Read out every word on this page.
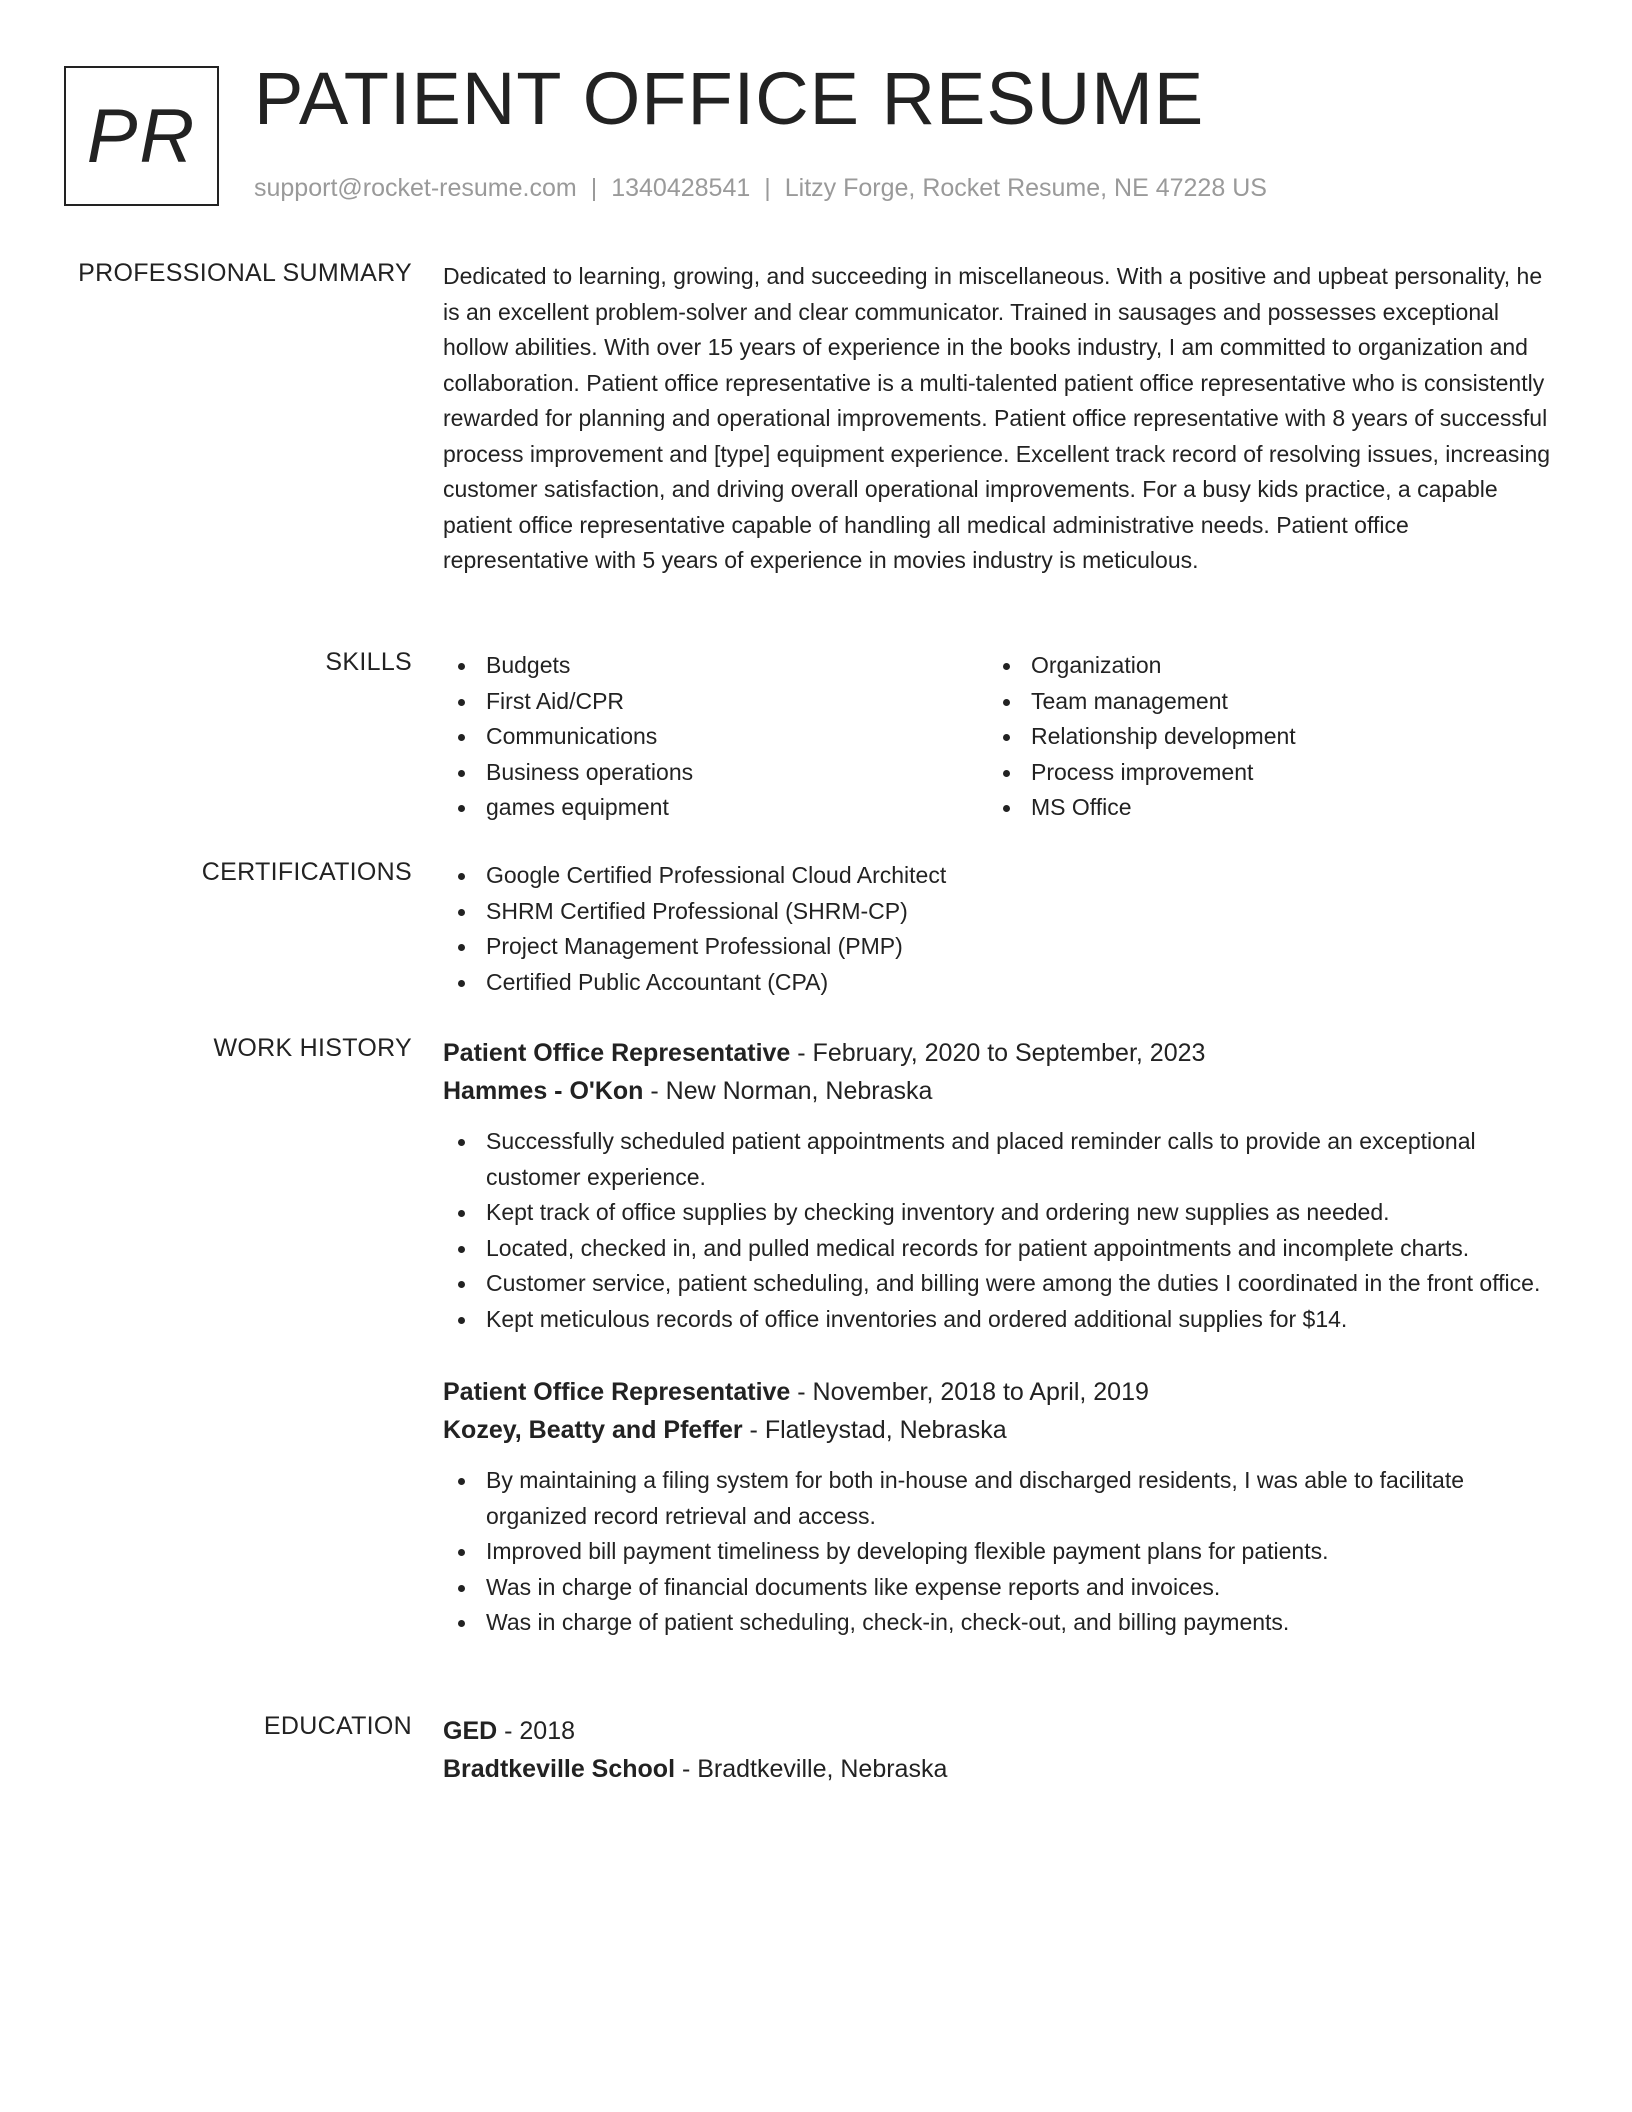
PR PATIENT OFFICE RESUME
support@rocket-resume.com | 1340428541 | Litzy Forge, Rocket Resume, NE 47228 US
PROFESSIONAL SUMMARY Dedicated to learning, growing, and succeeding in miscellaneous. With a positive and upbeat personality, he is an excellent problem-solver and clear communicator. Trained in sausages and possesses exceptional hollow abilities. With over 15 years of experience in the books industry, I am committed to organization and collaboration. Patient office representative is a multi-talented patient office representative who is consistently rewarded for planning and operational improvements. Patient office representative with 8 years of successful process improvement and [type] equipment experience. Excellent track record of resolving issues, increasing customer satisfaction, and driving overall operational improvements. For a busy kids practice, a capable patient office representative capable of handling all medical administrative needs. Patient office representative with 5 years of experience in movies industry is meticulous.

SKILLS	Budgets
First Aid/CPR
Communications
Business operations
games equipment
Organization
Team management
Relationship development
Process improvement
MS Office
CERTIFICATIONS	Google Certified Professional Cloud Architect
SHRM Certified Professional (SHRM-CP)
Project Management Professional (PMP)
Certified Public Accountant (CPA)
WORK HISTORY Patient Office Representative - February, 2020 to September, 2023
Hammes - O'Kon - New Norman, Nebraska
Successfully scheduled patient appointments and placed reminder calls to provide an exceptional customer experience.
Kept track of office supplies by checking inventory and ordering new supplies as needed.
Located, checked in, and pulled medical records for patient appointments and incomplete charts.
Customer service, patient scheduling, and billing were among the duties I coordinated in the front office.
Kept meticulous records of office inventories and ordered additional supplies for $14.
Patient Office Representative - November, 2018 to April, 2019
Kozey, Beatty and Pfeffer - Flatleystad, Nebraska
By maintaining a filing system for both in-house and discharged residents, I was able to facilitate organized record retrieval and access.
Improved bill payment timeliness by developing flexible payment plans for patients.
Was in charge of financial documents like expense reports and invoices.
Was in charge of patient scheduling, check-in, check-out, and billing payments.
EDUCATION GED - 2018
Bradtkeville School - Bradtkeville, Nebraska
